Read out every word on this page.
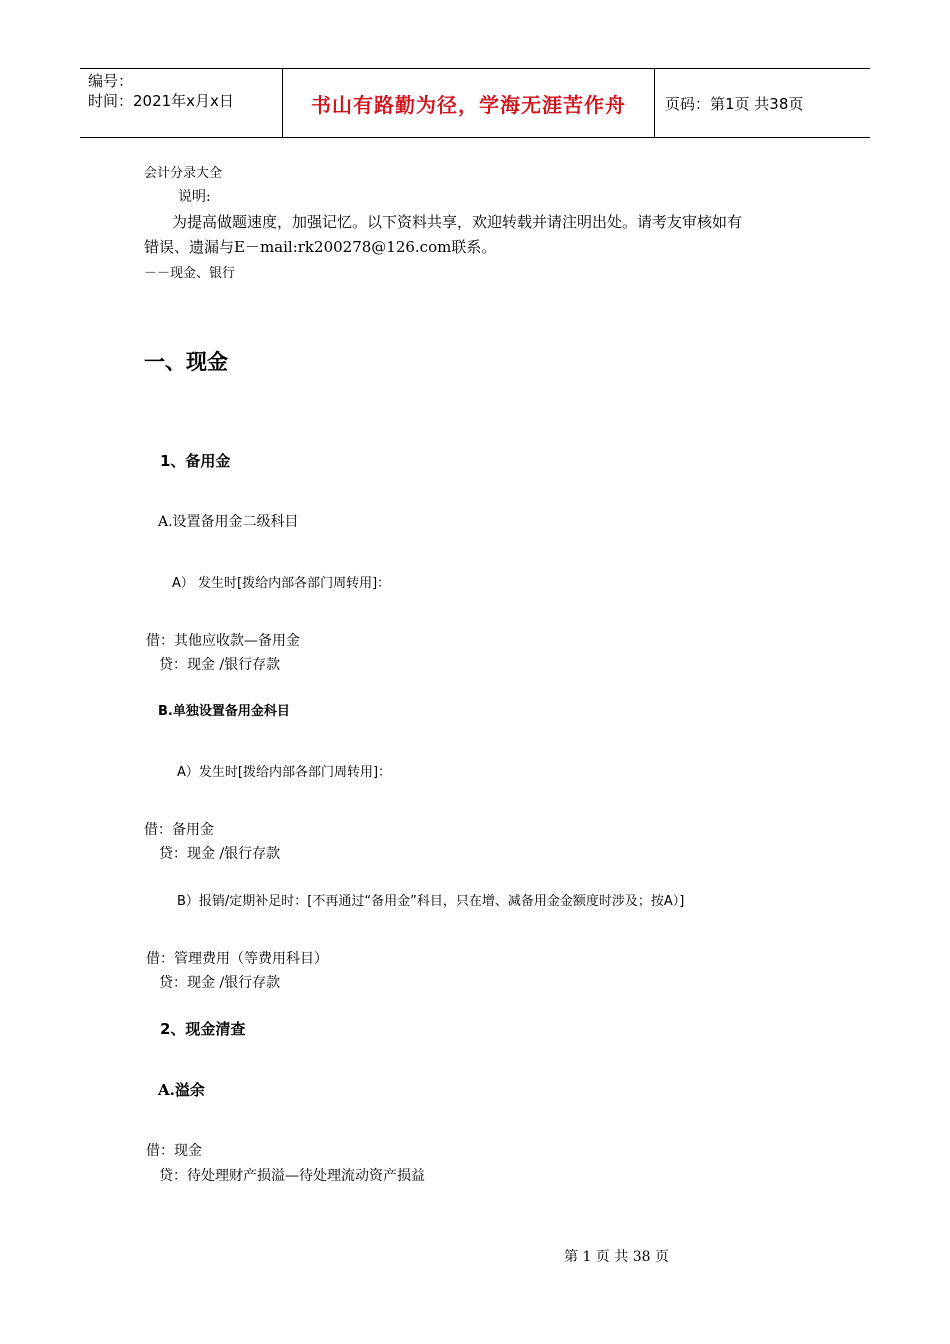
编号：
时间：2021年x月x日	书山有路勤为径，学海无涯苦作舟	页码：第1页 共38页
会计分录大全
说明:
为提高做题速度，加强记忆。以下资料共享，欢迎转载并请注明出处。请考友审核如有
错误、遗漏与E－mail:rk200278@126.com联系。
－－现金、银行
一、现金
1、备用金
A.设置备用金二级科目
A） 发生时[拨给内部各部门周转用]：
借：其他应收款—备用金
贷：现金 /银行存款
B.单独设置备用金科目
A）发生时[拨给内部各部门周转用]：
借：备用金
贷：现金 /银行存款
B）报销/定期补足时：[不再通过“备用金”科目，只在增、减备用金金额度时涉及；按A）]
借：管理费用（等费用科目）
贷：现金 /银行存款
2、现金清查
A.溢余
借：现金
贷：待处理财产损溢—待处理流动资产损益
第 1 页 共 38 页
